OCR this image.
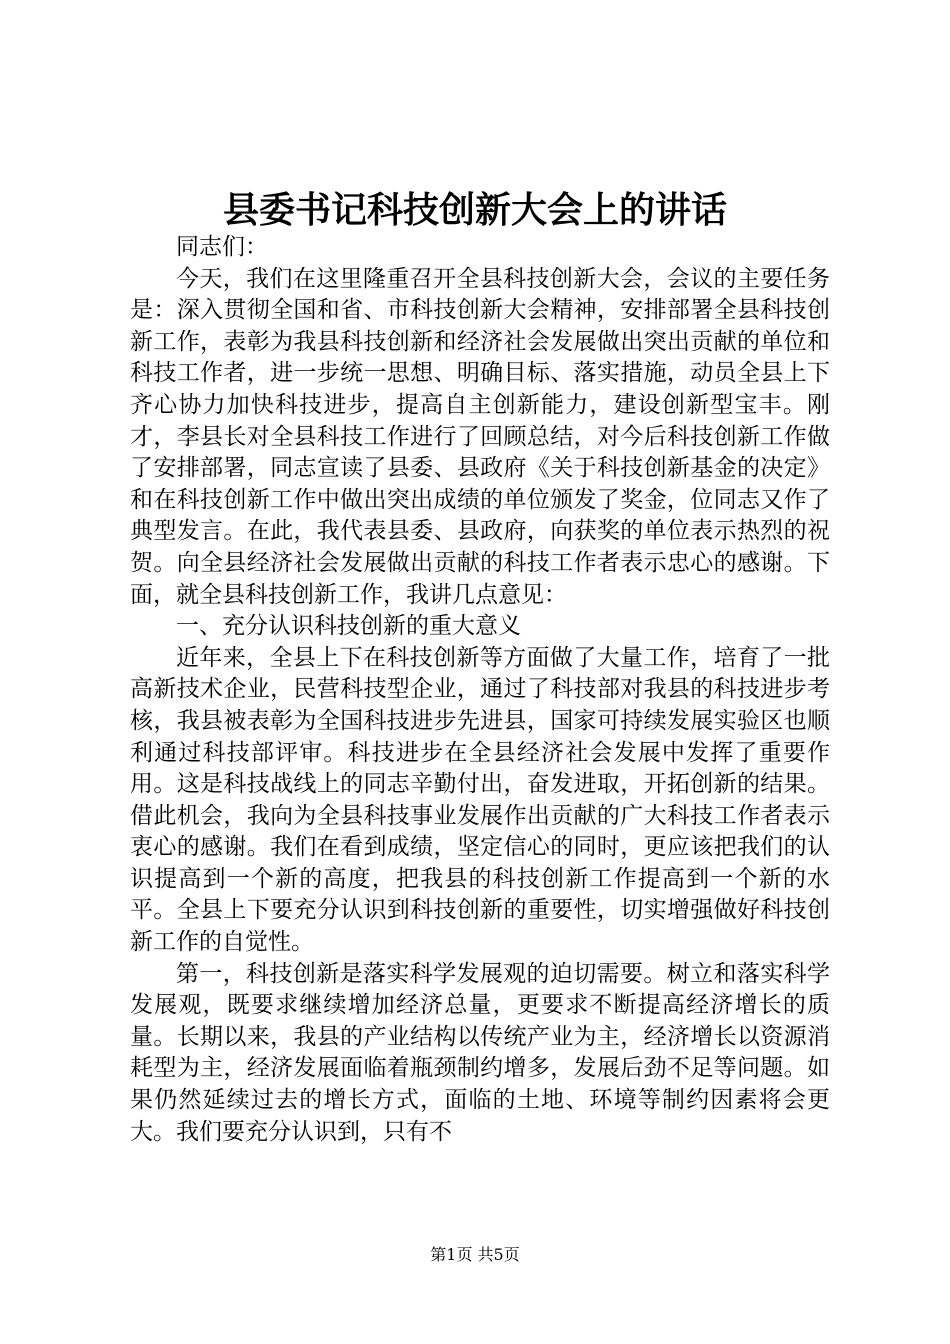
县委书记科技创新大会上的讲话

同志们：

今天，我们在这里隆重召开全县科技创新大会，会议的主要任务是：深入贯彻全国和省、市科技创新大会精神，安排部署全县科技创新工作，表彰为我县科技创新和经济社会发展做出突出贡献的单位和科技工作者，进一步统一思想、明确目标、落实措施，动员全县上下齐心协力加快科技进步，提高自主创新能力，建设创新型宝丰。刚才，李县长对全县科技工作进行了回顾总结，对今后科技创新工作做了安排部署，同志宣读了县委、县政府《关于科技创新基金的决定》和在科技创新工作中做出突出成绩的单位颁发了奖金，位同志又作了典型发言。在此，我代表县委、县政府，向获奖的单位表示热烈的祝贺。向全县经济社会发展做出贡献的科技工作者表示忠心的感谢。下面，就全县科技创新工作，我讲几点意见：

一、充分认识科技创新的重大意义

近年来，全县上下在科技创新等方面做了大量工作，培育了一批高新技术企业，民营科技型企业，通过了科技部对我县的科技进步考核，我县被表彰为全国科技进步先进县，国家可持续发展实验区也顺利通过科技部评审。科技进步在全县经济社会发展中发挥了重要作用。这是科技战线上的同志辛勤付出，奋发进取，开拓创新的结果。借此机会，我向为全县科技事业发展作出贡献的广大科技工作者表示衷心的感谢。我们在看到成绩，坚定信心的同时，更应该把我们的认识提高到一个新的高度，把我县的科技创新工作提高到一个新的水平。全县上下要充分认识到科技创新的重要性，切实增强做好科技创新工作的自觉性。

第一，科技创新是落实科学发展观的迫切需要。树立和落实科学发展观，既要求继续增加经济总量，更要求不断提高经济增长的质量。长期以来，我县的产业结构以传统产业为主，经济增长以资源消耗型为主，经济发展面临着瓶颈制约增多，发展后劲不足等问题。如果仍然延续过去的增长方式，面临的土地、环境等制约因素将会更大。我们要充分认识到，只有不

第1页 共5页
